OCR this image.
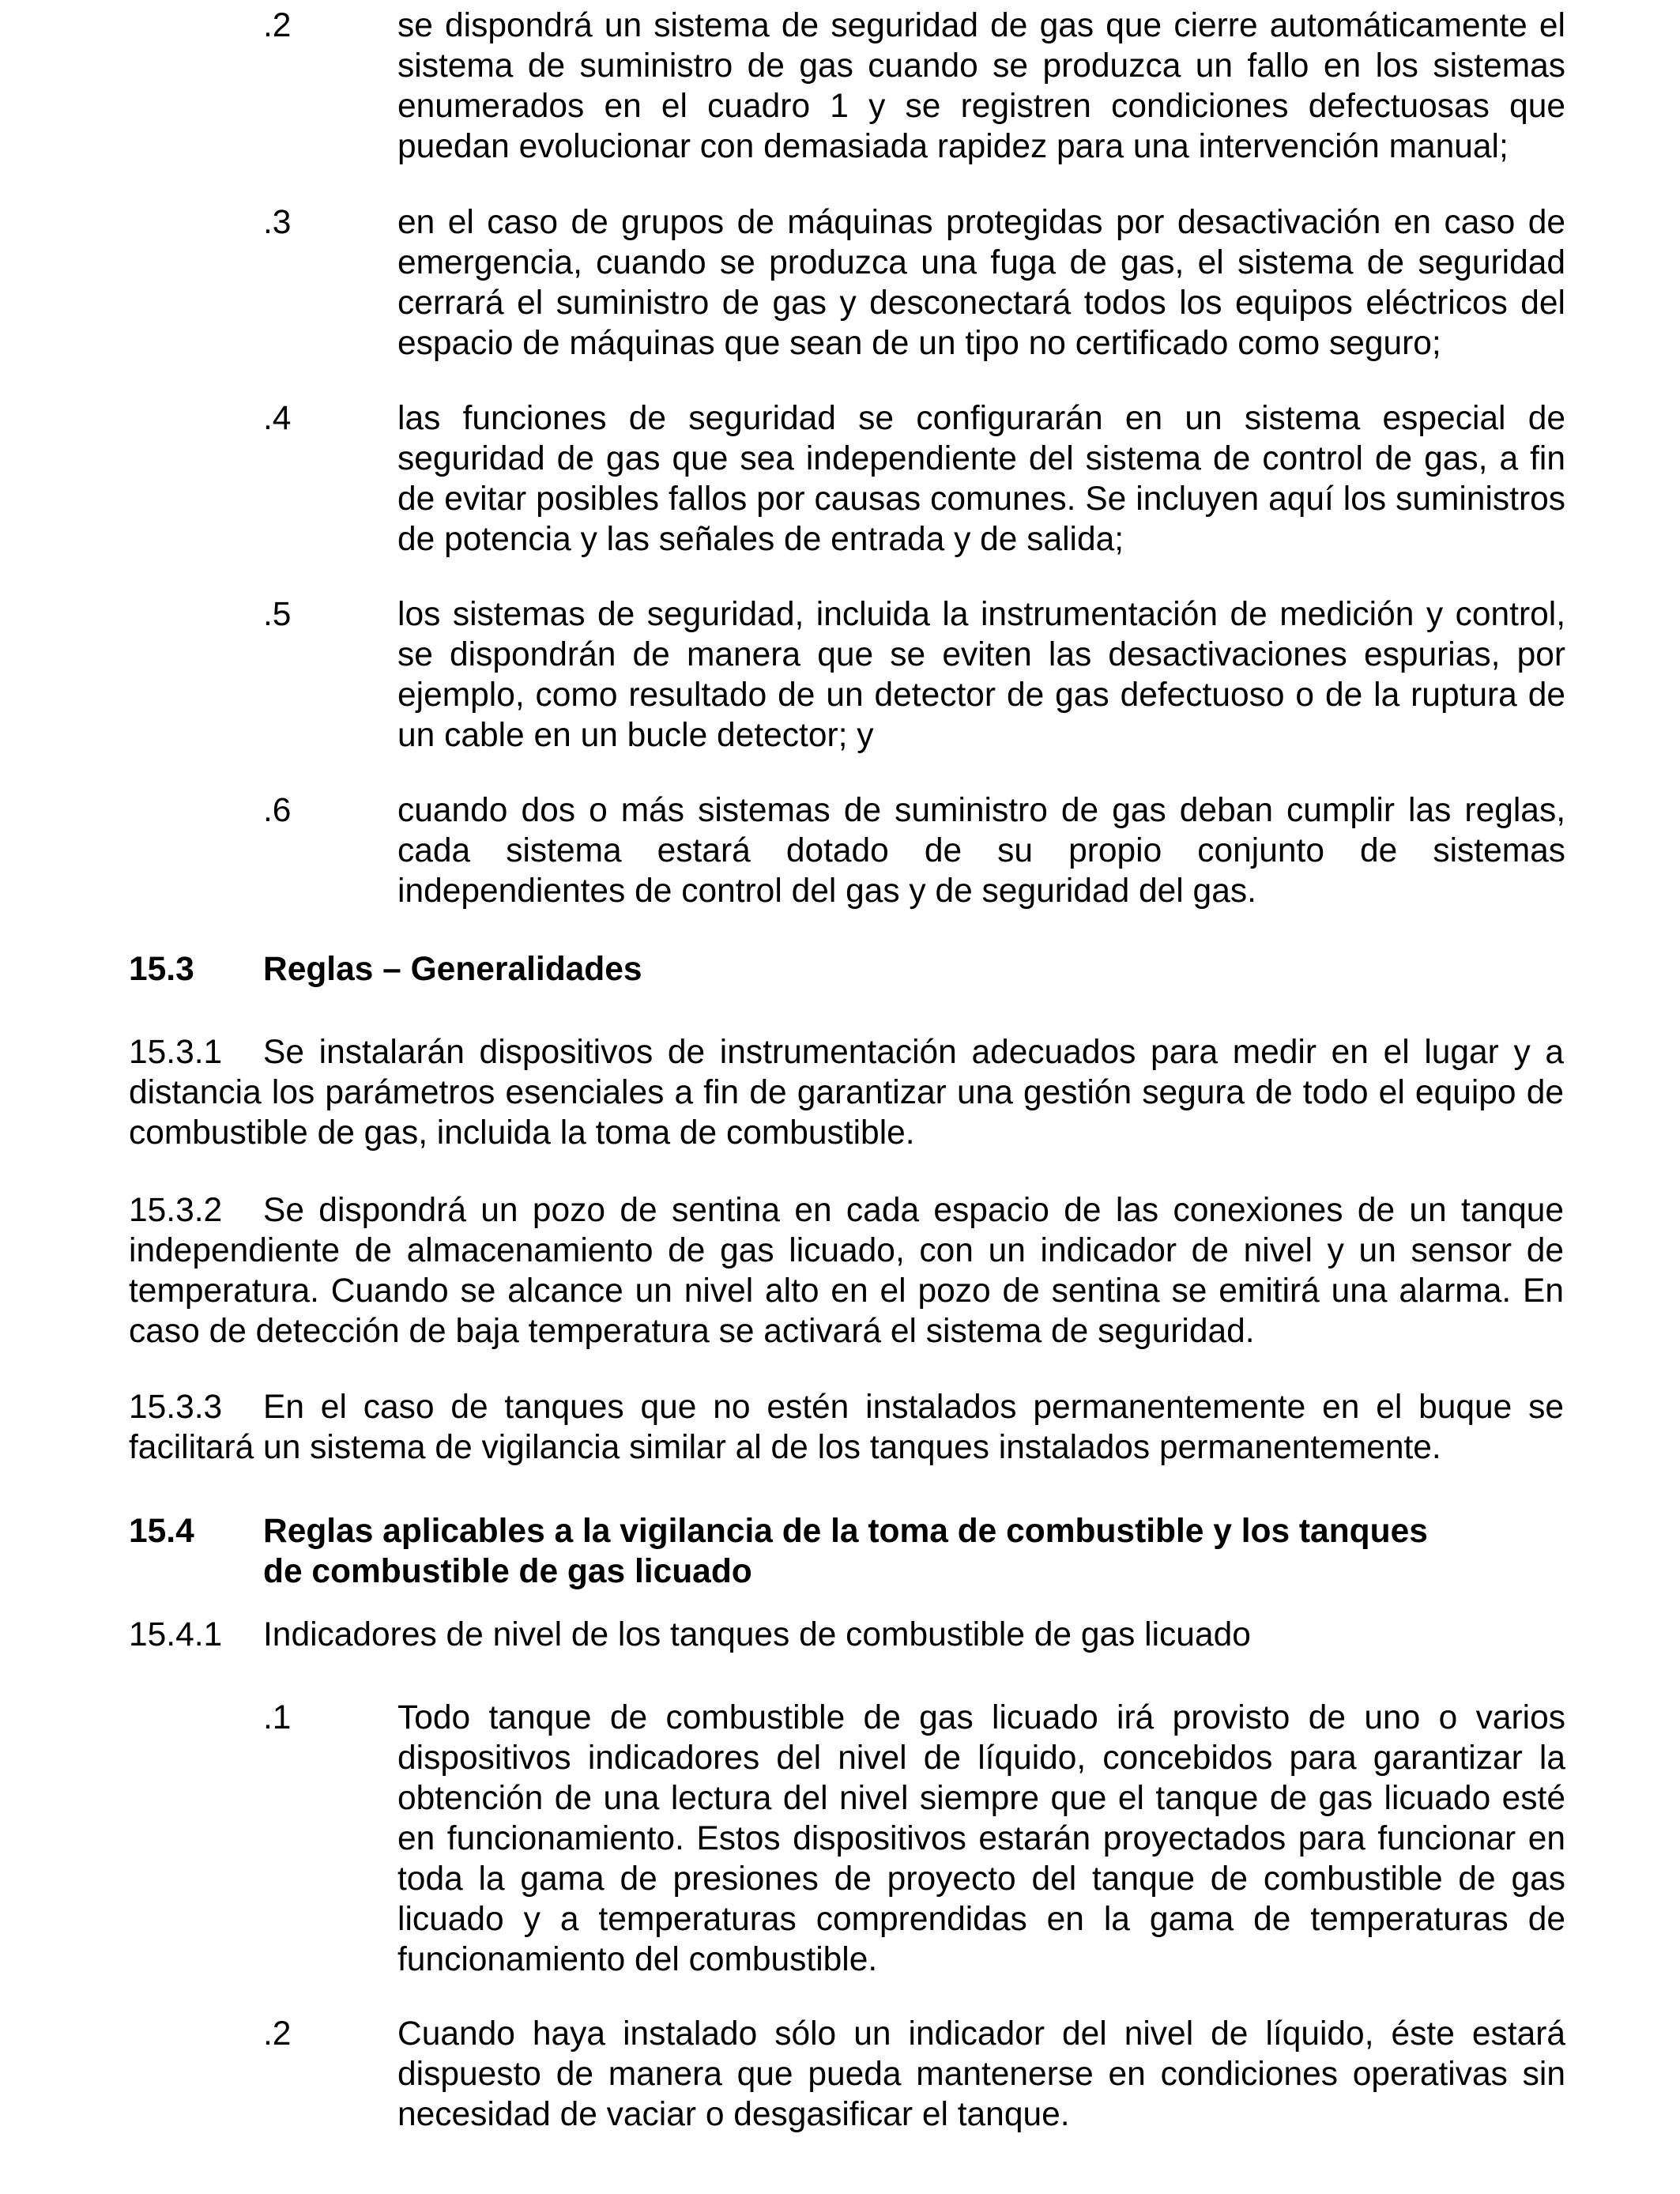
.2	se dispondrá un sistema de seguridad de gas que cierre automáticamente el sistema de suministro de gas cuando se produzca un fallo en los sistemas enumerados en el cuadro 1 y se registren condiciones defectuosas que puedan evolucionar con demasiada rapidez para una intervención manual;
.3	en el caso de grupos de máquinas protegidas por desactivación en caso de emergencia, cuando se produzca una fuga de gas, el sistema de seguridad cerrará el suministro de gas y desconectará todos los equipos eléctricos del espacio de máquinas que sean de un tipo no certificado como seguro;
.4	las funciones de seguridad se configurarán en un sistema especial de seguridad de gas que sea independiente del sistema de control de gas, a fin de evitar posibles fallos por causas comunes. Se incluyen aquí los suministros de potencia y las señales de entrada y de salida;
.5	los sistemas de seguridad, incluida la instrumentación de medición y control, se dispondrán de manera que se eviten las desactivaciones espurias, por ejemplo, como resultado de un detector de gas defectuoso o de la ruptura de un cable en un bucle detector; y
.6	cuando dos o más sistemas de suministro de gas deban cumplir las reglas, cada sistema estará dotado de su propio conjunto de sistemas independientes de control del gas y de seguridad del gas.
15.3 Reglas – Generalidades
15.3.1 Se instalarán dispositivos de instrumentación adecuados para medir en el lugar y a distancia los parámetros esenciales a fin de garantizar una gestión segura de todo el equipo de combustible de gas, incluida la toma de combustible.
15.3.2 Se dispondrá un pozo de sentina en cada espacio de las conexiones de un tanque independiente de almacenamiento de gas licuado, con un indicador de nivel y un sensor de temperatura. Cuando se alcance un nivel alto en el pozo de sentina se emitirá una alarma. En caso de detección de baja temperatura se activará el sistema de seguridad.
15.3.3 En el caso de tanques que no estén instalados permanentemente en el buque se facilitará un sistema de vigilancia similar al de los tanques instalados permanentemente.
15.4 Reglas aplicables a la vigilancia de la toma de combustible y los tanques de combustible de gas licuado
15.4.1 Indicadores de nivel de los tanques de combustible de gas licuado
.1	Todo tanque de combustible de gas licuado irá provisto de uno o varios dispositivos indicadores del nivel de líquido, concebidos para garantizar la obtención de una lectura del nivel siempre que el tanque de gas licuado esté en funcionamiento. Estos dispositivos estarán proyectados para funcionar en toda la gama de presiones de proyecto del tanque de combustible de gas licuado y a temperaturas comprendidas en la gama de temperaturas de funcionamiento del combustible.
.2	Cuando haya instalado sólo un indicador del nivel de líquido, éste estará dispuesto de manera que pueda mantenerse en condiciones operativas sin necesidad de vaciar o desgasificar el tanque.
